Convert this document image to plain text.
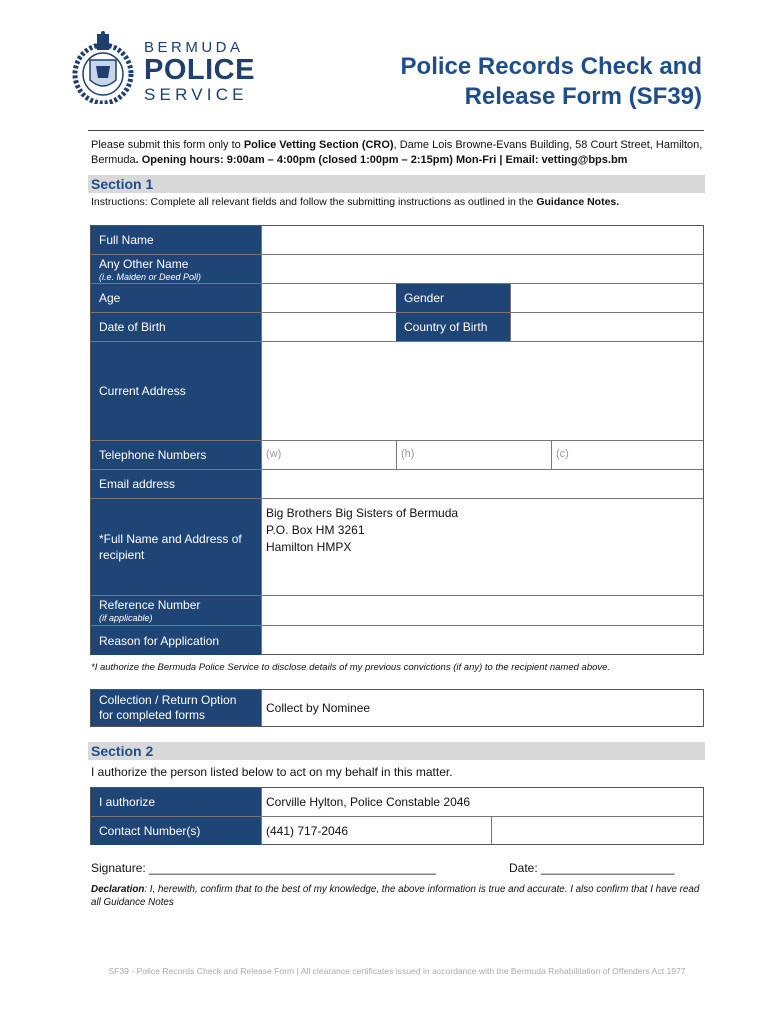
BERMUDA
POLICE
SERVICE
Police Records Check and
Release Form (SF39)
Please submit this form only to Police Vetting Section (CRO), Dame Lois Browne-Evans Building, 58 Court Street, Hamilton, Bermuda. Opening hours: 9:00am – 4:00pm (closed 1:00pm – 2:15pm) Mon-Fri | Email: vetting@bps.bm
Section 1
Instructions: Complete all relevant fields and follow the submitting instructions as outlined in the Guidance Notes.
Full Name
Any Other Name
(i.e. Maiden or Deed Poll)
Age	Gender
Date of Birth	Country of Birth
Current Address
Telephone Numbers	(w)	(h)	(c)
Email address
*Full Name and Address of recipient
Big Brothers Big Sisters of Bermuda
P.O. Box HM 3261
Hamilton HMPX
Reference Number
(if applicable)
Reason for Application
*I authorize the Bermuda Police Service to disclose details of my previous convictions (if any) to the recipient named above.
Collection / Return Option for completed forms	Collect by Nominee
Section 2
I authorize the person listed below to act on my behalf in this matter.
I authorize	Corville Hylton, Police Constable 2046
Contact Number(s)	(441) 717-2046
Signature: ___________________________________________	Date: ____________________
Declaration: I, herewith, confirm that to the best of my knowledge, the above information is true and accurate. I also confirm that I have read all Guidance Notes
SF39 - Police Records Check and Release Form | All clearance certificates issued in accordance with the Bermuda Rehabilitation of Offenders Act 1977
